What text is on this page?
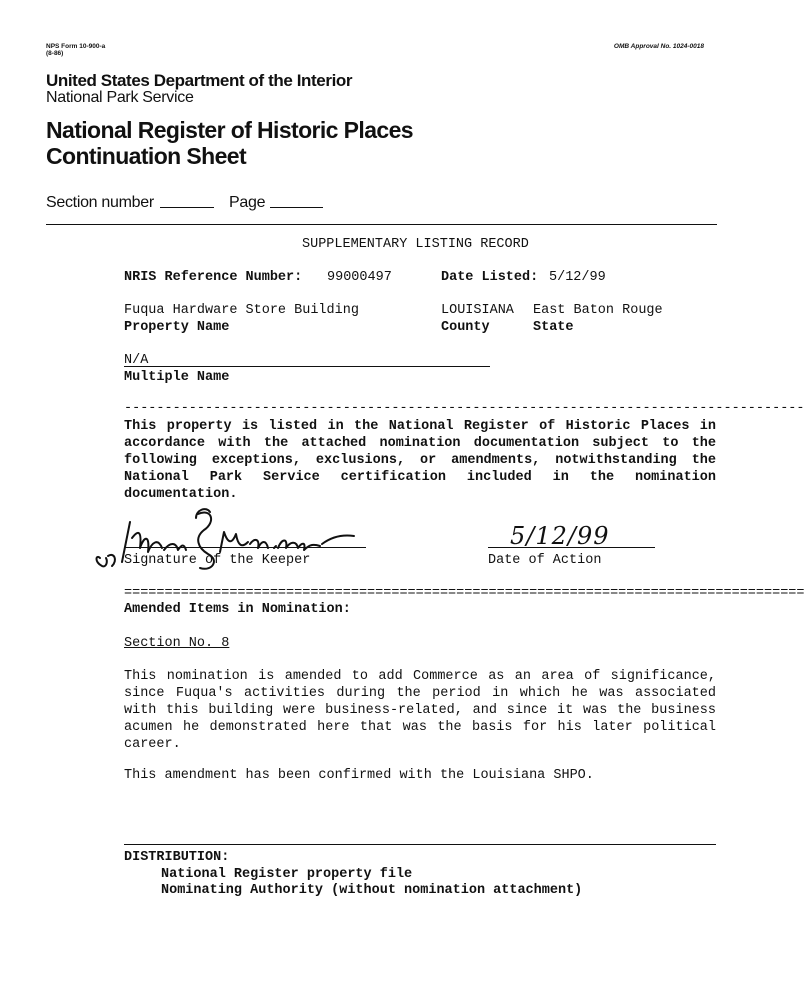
NPS Form 10-900-a
(8-86)
OMB Approval No. 1024-0018
United States Department of the Interior
National Park Service
National Register of Historic Places
Continuation Sheet
Section number	Page
SUPPLEMENTARY LISTING RECORD
NRIS Reference Number: 99000497	Date Listed: 5/12/99
Fuqua Hardware Store Building
Property Name
LOUISIANA
County
East Baton Rouge
State
N/A
Multiple Name
------------------------------------------------------------------------------------
This property is listed in the National Register of Historic Places in
accordance with the attached nomination documentation subject to the
following exceptions, exclusions, or amendments, notwithstanding the
National Park Service certification included in the nomination
documentation.
Signature of the Keeper
5/12/99
Date of Action
====================================================================================
Amended Items in Nomination:
Section No. 8
This nomination is amended to add Commerce as an area of significance,
since Fuqua's activities during the period in which he was associated
with this building were business-related, and since it was the business
acumen he demonstrated here that was the basis for his later political
career.
This amendment has been confirmed with the Louisiana SHPO.
DISTRIBUTION:
National Register property file
Nominating Authority (without nomination attachment)
